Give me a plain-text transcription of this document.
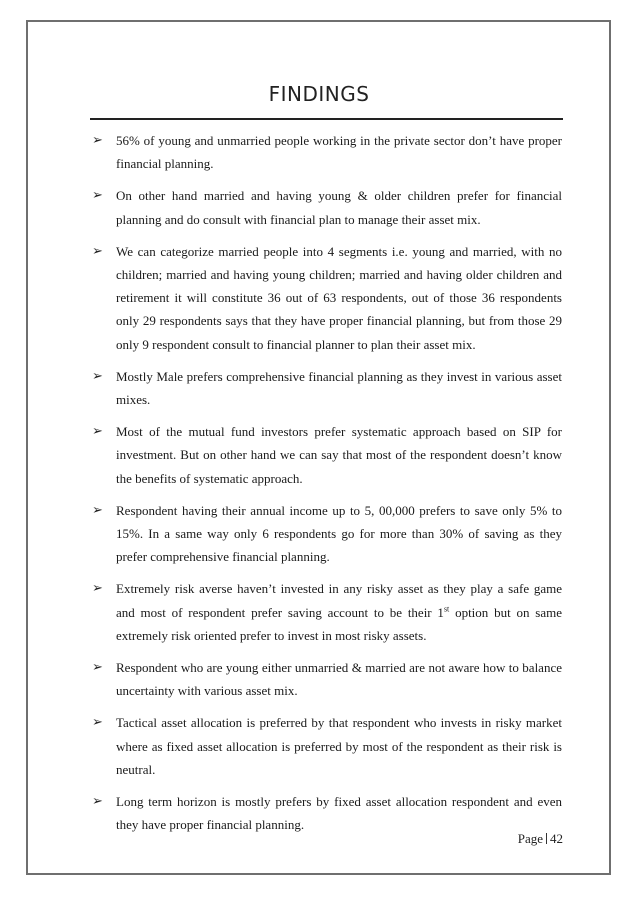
FINDINGS
➢ 56% of young and unmarried people working in the private sector don’t have proper financial planning.
➢ On other hand married and having young & older children prefer for financial planning and do consult with financial plan to manage their asset mix.
➢ We can categorize married people into 4 segments i.e. young and married, with no children; married and having young children; married and having older children and retirement it will constitute 36 out of 63 respondents, out of those 36 respondents only 29 respondents says that they have proper financial planning, but from those 29 only 9 respondent consult to financial planner to plan their asset mix.
➢ Mostly Male prefers comprehensive financial planning as they invest in various asset mixes.
➢ Most of the mutual fund investors prefer systematic approach based on SIP for investment. But on other hand we can say that most of the respondent doesn’t know the benefits of systematic approach.
➢ Respondent having their annual income up to 5, 00,000 prefers to save only 5% to 15%. In a same way only 6 respondents go for more than 30% of saving as they prefer comprehensive financial planning.
➢ Extremely risk averse haven’t invested in any risky asset as they play a safe game and most of respondent prefer saving account to be their 1st option but on same extremely risk oriented prefer to invest in most risky assets.
➢ Respondent who are young either unmarried & married are not aware how to balance uncertainty with various asset mix.
➢ Tactical asset allocation is preferred by that respondent who invests in risky market where as fixed asset allocation is preferred by most of the respondent as their risk is neutral.
➢ Long term horizon is mostly prefers by fixed asset allocation respondent and even they have proper financial planning.
Page 42
